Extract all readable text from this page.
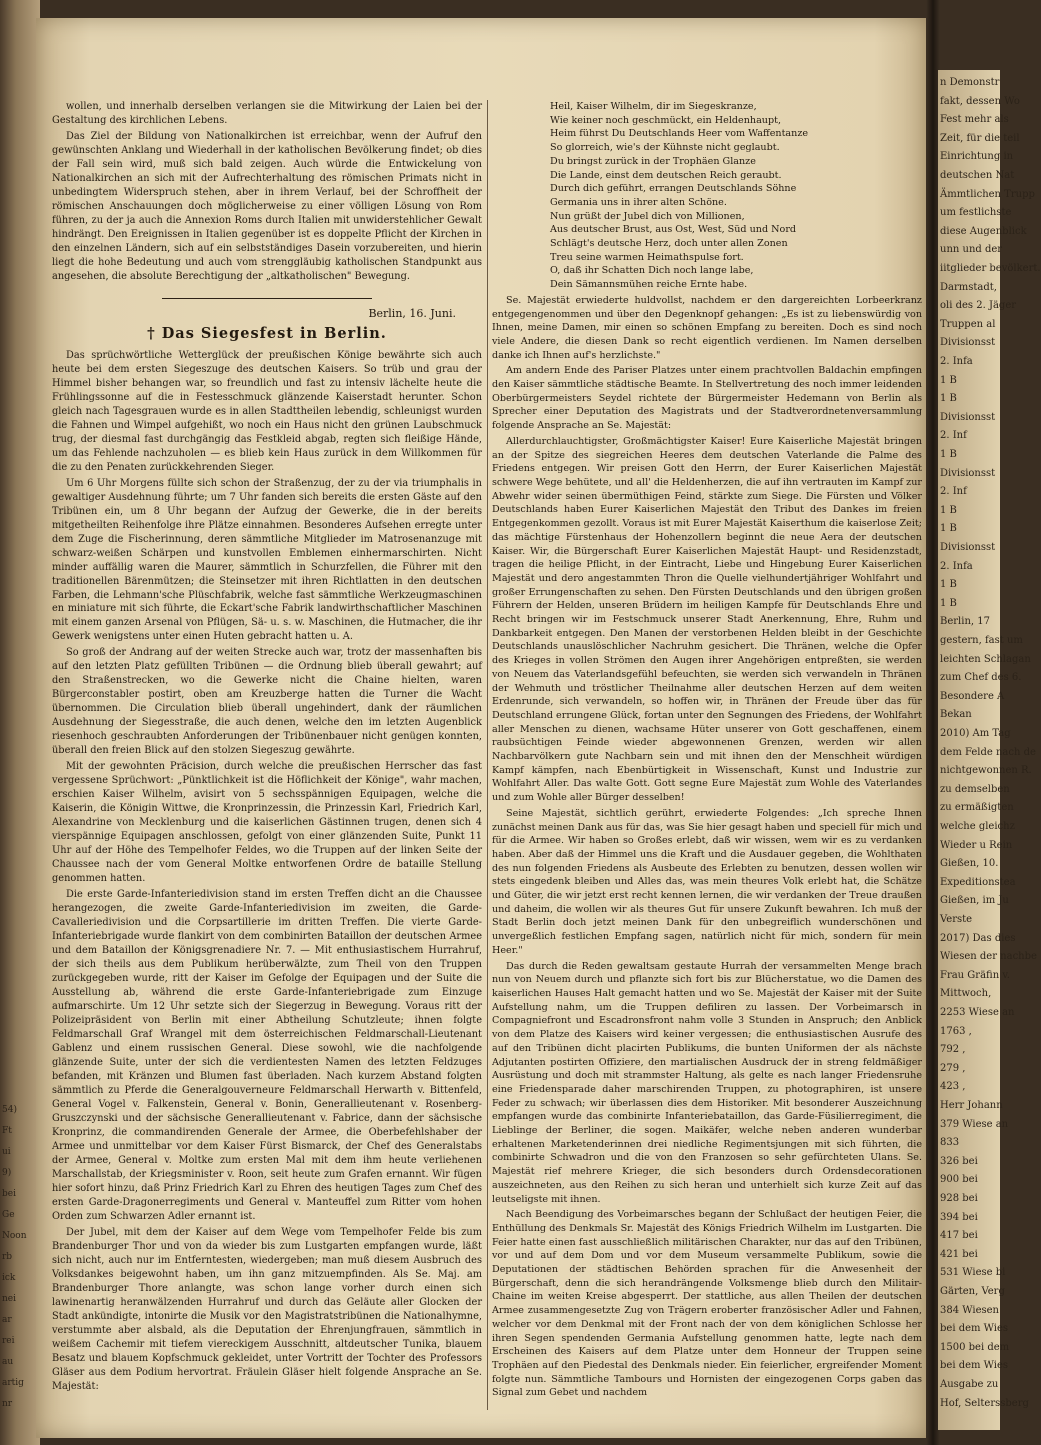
54)
Ft
ui
9)
bei
Ge
Noon
rb
ick
nei
ar
rei
au
artig
nr

wollen, und innerhalb derselben verlangen sie die Mitwirkung der Laien bei der Gestaltung des kirchlichen Lebens.

Das Ziel der Bildung von Nationalkirchen ist erreichbar, wenn der Aufruf den gewünschten Anklang und Wiederhall in der katholischen Bevölkerung findet; ob dies der Fall sein wird, muß sich bald zeigen. Auch würde die Entwickelung von Nationalkirchen an sich mit der Aufrechterhaltung des römischen Primats nicht in unbedingtem Widerspruch stehen, aber in ihrem Verlauf, bei der Schroffheit der römischen Anschauungen doch möglicherweise zu einer völligen Lösung von Rom führen, zu der ja auch die Annexion Roms durch Italien mit unwiderstehlicher Gewalt hindrängt. Den Ereignissen in Italien gegenüber ist es doppelte Pflicht der Kirchen in den einzelnen Ländern, sich auf ein selbstständiges Dasein vorzubereiten, und hierin liegt die hohe Bedeutung und auch vom strenggläubig katholischen Standpunkt aus angesehen, die absolute Berechtigung der „altkatholischen" Bewegung.

Berlin, 16. Juni.
† Das Siegesfest in Berlin.

Das sprüchwörtliche Wetterglück der preußischen Könige bewährte sich auch heute bei dem ersten Siegeszuge des deutschen Kaisers. So trüb und grau der Himmel bisher behangen war, so freundlich und fast zu intensiv lächelte heute die Frühlingssonne auf die in Festesschmuck glänzende Kaiserstadt herunter. Schon gleich nach Tagesgrauen wurde es in allen Stadttheilen lebendig, schleunigst wurden die Fahnen und Wimpel aufgehißt, wo noch ein Haus nicht den grünen Laubschmuck trug, der diesmal fast durchgängig das Festkleid abgab, regten sich fleißige Hände, um das Fehlende nachzuholen — es blieb kein Haus zurück in dem Willkommen für die zu den Penaten zurückkehrenden Sieger.

Um 6 Uhr Morgens füllte sich schon der Straßenzug, der zu der via triumphalis in gewaltiger Ausdehnung führte; um 7 Uhr fanden sich bereits die ersten Gäste auf den Tribünen ein, um 8 Uhr begann der Aufzug der Gewerke, die in der bereits mitgetheilten Reihenfolge ihre Plätze einnahmen. Besonderes Aufsehen erregte unter dem Zuge die Fischerinnung, deren sämmtliche Mitglieder im Matrosenanzuge mit schwarz-weißen Schärpen und kunstvollen Emblemen einhermarschirten. Nicht minder auffällig waren die Maurer, sämmtlich in Schurzfellen, die Führer mit den traditionellen Bärenmützen; die Steinsetzer mit ihren Richtlatten in den deutschen Farben, die Lehmann'sche Plüschfabrik, welche fast sämmtliche Werkzeugmaschinen en miniature mit sich führte, die Eckart'sche Fabrik landwirthschaftlicher Maschinen mit einem ganzen Arsenal von Pflügen, Sä- u. s. w. Maschinen, die Hutmacher, die ihr Gewerk wenigstens unter einen Huten gebracht hatten u. A.

So groß der Andrang auf der weiten Strecke auch war, trotz der massenhaften bis auf den letzten Platz gefüllten Tribünen — die Ordnung blieb überall gewahrt; auf den Straßenstrecken, wo die Gewerke nicht die Chaine hielten, waren Bürgerconstabler postirt, oben am Kreuzberge hatten die Turner die Wacht übernommen. Die Circulation blieb überall ungehindert, dank der räumlichen Ausdehnung der Siegesstraße, die auch denen, welche den im letzten Augenblick riesenhoch geschraubten Anforderungen der Tribünenbauer nicht genügen konnten, überall den freien Blick auf den stolzen Siegeszug gewährte.

Mit der gewohnten Präcision, durch welche die preußischen Herrscher das fast vergessene Sprüchwort: „Pünktlichkeit ist die Höflichkeit der Könige", wahr machen, erschien Kaiser Wilhelm, avisirt von 5 sechsspännigen Equipagen, welche die Kaiserin, die Königin Wittwe, die Kronprinzessin, die Prinzessin Karl, Friedrich Karl, Alexandrine von Mecklenburg und die kaiserlichen Gästinnen trugen, denen sich 4 vierspännige Equipagen anschlossen, gefolgt von einer glänzenden Suite, Punkt 11 Uhr auf der Höhe des Tempelhofer Feldes, wo die Truppen auf der linken Seite der Chaussee nach der vom General Moltke entworfenen Ordre de bataille Stellung genommen hatten.

Die erste Garde-Infanteriedivision stand im ersten Treffen dicht an die Chaussee herangezogen, die zweite Garde-Infanteriedivision im zweiten, die Garde-Cavalleriedivision und die Corpsartillerie im dritten Treffen. Die vierte Garde-Infanteriebrigade wurde flankirt von dem combinirten Bataillon der deutschen Armee und dem Bataillon der Königsgrenadiere Nr. 7. — Mit enthusiastischem Hurrahruf, der sich theils aus dem Publikum herüberwälzte, zum Theil von den Truppen zurückgegeben wurde, ritt der Kaiser im Gefolge der Equipagen und der Suite die Ausstellung ab, während die erste Garde-Infanteriebrigade zum Einzuge aufmarschirte. Um 12 Uhr setzte sich der Siegerzug in Bewegung. Voraus ritt der Polizeipräsident von Berlin mit einer Abtheilung Schutzleute; ihnen folgte Feldmarschall Graf Wrangel mit dem österreichischen Feldmarschall-Lieutenant Gablenz und einem russischen General. Diese sowohl, wie die nachfolgende glänzende Suite, unter der sich die verdientesten Namen des letzten Feldzuges befanden, mit Kränzen und Blumen fast überladen. Nach kurzem Abstand folgten sämmtlich zu Pferde die Generalgouverneure Feldmarschall Herwarth v. Bittenfeld, General Vogel v. Falkenstein, General v. Bonin, Generallieutenant v. Rosenberg-Gruszczynski und der sächsische Generallieutenant v. Fabrice, dann der sächsische Kronprinz, die commandirenden Generale der Armee, die Oberbefehlshaber der Armee und unmittelbar vor dem Kaiser Fürst Bismarck, der Chef des Generalstabs der Armee, General v. Moltke zum ersten Mal mit dem ihm heute verliehenen Marschallstab, der Kriegsminister v. Roon, seit heute zum Grafen ernannt. Wir fügen hier sofort hinzu, daß Prinz Friedrich Karl zu Ehren des heutigen Tages zum Chef des ersten Garde-Dragonerregiments und General v. Manteuffel zum Ritter vom hohen Orden zum Schwarzen Adler ernannt ist.

Der Jubel, mit dem der Kaiser auf dem Wege vom Tempelhofer Felde bis zum Brandenburger Thor und von da wieder bis zum Lustgarten empfangen wurde, läßt sich nicht, auch nur im Entferntesten, wiedergeben; man muß diesem Ausbruch des Volksdankes beigewohnt haben, um ihn ganz mitzuempfinden. Als Se. Maj. am Brandenburger Thore anlangte, was schon lange vorher durch einen sich lawinenartig heranwälzenden Hurrahruf und durch das Geläute aller Glocken der Stadt ankündigte, intonirte die Musik vor den Magistratstribünen die Nationalhymne, verstummte aber alsbald, als die Deputation der Ehrenjungfrauen, sämmtlich in weißem Cachemir mit tiefem viereckigem Ausschnitt, altdeutscher Tunika, blauem Besatz und blauem Kopfschmuck gekleidet, unter Vortritt der Tochter des Professors Gläser aus dem Podium hervortrat. Fräulein Gläser hielt folgende Ansprache an Se. Majestät:

Heil, Kaiser Wilhelm, dir im Siegeskranze,
Wie keiner noch geschmückt, ein Heldenhaupt,
Heim führst Du Deutschlands Heer vom Waffentanze
So glorreich, wie's der Kühnste nicht geglaubt.
Du bringst zurück in der Trophäen Glanze
Die Lande, einst dem deutschen Reich geraubt.
Durch dich geführt, errangen Deutschlands Söhne
Germania uns in ihrer alten Schöne.
Nun grüßt der Jubel dich von Millionen,
Aus deutscher Brust, aus Ost, West, Süd und Nord
Schlägt's deutsche Herz, doch unter allen Zonen
Treu seine warmen Heimathspulse fort.
O, daß ihr Schatten Dich noch lange labe,
Dein Sämannsmühen reiche Ernte habe.

Se. Majestät erwiederte huldvollst, nachdem er den dargereichten Lorbeerkranz entgegengenommen und über den Degenknopf gehangen: „Es ist zu liebenswürdig von Ihnen, meine Damen, mir einen so schönen Empfang zu bereiten. Doch es sind noch viele Andere, die diesen Dank so recht eigentlich verdienen. Im Namen derselben danke ich Ihnen auf's herzlichste."

Am andern Ende des Pariser Platzes unter einem prachtvollen Baldachin empfingen den Kaiser sämmtliche städtische Beamte. In Stellvertretung des noch immer leidenden Oberbürgermeisters Seydel richtete der Bürgermeister Hedemann von Berlin als Sprecher einer Deputation des Magistrats und der Stadtverordnetenversammlung folgende Ansprache an Se. Majestät:

Allerdurchlauchtigster, Großmächtigster Kaiser! Eure Kaiserliche Majestät bringen an der Spitze des siegreichen Heeres dem deutschen Vaterlande die Palme des Friedens entgegen. Wir preisen Gott den Herrn, der Eurer Kaiserlichen Majestät schwere Wege behütete, und all' die Heldenherzen, die auf ihn vertrauten im Kampf zur Abwehr wider seinen übermüthigen Feind, stärkte zum Siege. Die Fürsten und Völker Deutschlands haben Eurer Kaiserlichen Majestät den Tribut des Dankes im freien Entgegenkommen gezollt. Voraus ist mit Eurer Majestät Kaiserthum die kaiserlose Zeit; das mächtige Fürstenhaus der Hohenzollern beginnt die neue Aera der deutschen Kaiser. Wir, die Bürgerschaft Eurer Kaiserlichen Majestät Haupt- und Residenzstadt, tragen die heilige Pflicht, in der Eintracht, Liebe und Hingebung Eurer Kaiserlichen Majestät und dero angestammten Thron die Quelle vielhundertjähriger Wohlfahrt und großer Errungenschaften zu sehen. Den Fürsten Deutschlands und den übrigen großen Führern der Helden, unseren Brüdern im heiligen Kampfe für Deutschlands Ehre und Recht bringen wir im Festschmuck unserer Stadt Anerkennung, Ehre, Ruhm und Dankbarkeit entgegen. Den Manen der verstorbenen Helden bleibt in der Geschichte Deutschlands unauslöschlicher Nachruhm gesichert. Die Thränen, welche die Opfer des Krieges in vollen Strömen den Augen ihrer Angehörigen entpreßten, sie werden von Neuem das Vaterlandsgefühl befeuchten, sie werden sich verwandeln in Thränen der Wehmuth und tröstlicher Theilnahme aller deutschen Herzen auf dem weiten Erdenrunde, sich verwandeln, so hoffen wir, in Thränen der Freude über das für Deutschland errungene Glück, fortan unter den Segnungen des Friedens, der Wohlfahrt aller Menschen zu dienen, wachsame Hüter unserer von Gott geschaffenen, einem raubsüchtigen Feinde wieder abgewonnenen Grenzen, werden wir allen Nachbarvölkern gute Nachbarn sein und mit ihnen den der Menschheit würdigen Kampf kämpfen, nach Ebenbürtigkeit in Wissenschaft, Kunst und Industrie zur Wohlfahrt Aller. Das walte Gott. Gott segne Eure Majestät zum Wohle des Vaterlandes und zum Wohle aller Bürger desselben!

Seine Majestät, sichtlich gerührt, erwiederte Folgendes: „Ich spreche Ihnen zunächst meinen Dank aus für das, was Sie hier gesagt haben und speciell für mich und für die Armee. Wir haben so Großes erlebt, daß wir wissen, wem wir es zu verdanken haben. Aber daß der Himmel uns die Kraft und die Ausdauer gegeben, die Wohlthaten des nun folgenden Friedens als Ausbeute des Erlebten zu benutzen, dessen wollen wir stets eingedenk bleiben und Alles das, was mein theures Volk erlebt hat, die Schätze und Güter, die wir jetzt erst recht kennen lernen, die wir verdanken der Treue draußen und daheim, die wollen wir als theures Gut für unsere Zukunft bewahren. Ich muß der Stadt Berlin doch jetzt meinen Dank für den unbegreiflich wunderschönen und unvergeßlich festlichen Empfang sagen, natürlich nicht für mich, sondern für mein Heer."

Das durch die Reden gewaltsam gestaute Hurrah der versammelten Menge brach nun von Neuem durch und pflanzte sich fort bis zur Blücherstatue, wo die Damen des kaiserlichen Hauses Halt gemacht hatten und wo Se. Majestät der Kaiser mit der Suite Aufstellung nahm, um die Truppen defiliren zu lassen. Der Vorbeimarsch in Compagniefront und Escadronsfront nahm volle 3 Stunden in Anspruch; den Anblick von dem Platze des Kaisers wird keiner vergessen; die enthusiastischen Ausrufe des auf den Tribünen dicht placirten Publikums, die bunten Uniformen der als nächste Adjutanten postirten Offiziere, den martialischen Ausdruck der in streng feldmäßiger Ausrüstung und doch mit strammster Haltung, als gelte es nach langer Friedensruhe eine Friedensparade daher marschirenden Truppen, zu photographiren, ist unsere Feder zu schwach; wir überlassen dies dem Historiker. Mit besonderer Auszeichnung empfangen wurde das combinirte Infanteriebataillon, das Garde-Füsilierregiment, die Lieblinge der Berliner, die sogen. Maikäfer, welche neben anderen wunderbar erhaltenen Marketenderinnen drei niedliche Regimentsjungen mit sich führten, die combinirte Schwadron und die von den Franzosen so sehr gefürchteten Ulans. Se. Majestät rief mehrere Krieger, die sich besonders durch Ordensdecorationen auszeichneten, aus den Reihen zu sich heran und unterhielt sich kurze Zeit auf das leutseligste mit ihnen.

Nach Beendigung des Vorbeimarsches begann der Schlußact der heutigen Feier, die Enthüllung des Denkmals Sr. Majestät des Königs Friedrich Wilhelm im Lustgarten. Die Feier hatte einen fast ausschließlich militärischen Charakter, nur das auf den Tribünen, vor und auf dem Dom und vor dem Museum versammelte Publikum, sowie die Deputationen der städtischen Behörden sprachen für die Anwesenheit der Bürgerschaft, denn die sich herandrängende Volksmenge blieb durch den Militair-Chaine im weiten Kreise abgesperrt. Der stattliche, aus allen Theilen der deutschen Armee zusammengesetzte Zug von Trägern eroberter französischer Adler und Fahnen, welcher vor dem Denkmal mit der Front nach der von dem königlichen Schlosse her ihren Segen spendenden Germania Aufstellung genommen hatte, legte nach dem Erscheinen des Kaisers auf dem Platze unter dem Honneur der Truppen seine Trophäen auf den Piedestal des Denkmals nieder. Ein feierlicher, ergreifender Moment folgte nun. Sämmtliche Tambours und Hornisten der eingezogenen Corps gaben das Signal zum Gebet und nachdem

n Demonstr
fakt, dessen Wo
Fest mehr als
Zeit, für die teil
Einrichtung in
deutschen Nat
Ämmtlichen Trupp
um festlichste
diese Augenblick
unn und der
iitglieder bevölkert.
Darmstadt,
oli des 2. Jäger
Truppen al
Divisionsst
2. Infa
1 B
1 B
Divisionsst
2. Inf
1 B
Divisionsst
2. Inf
1 B
1 B
Divisionsst
2. Infa
1 B
1 B
Berlin, 17
gestern, fast um
leichten Schlagan
zum Chef des 6.
Besondere A
Bekan
2010) Am Tag
dem Felde nach de
nichtgewonnen R.
zu demselben
zu ermäßigten
welche gleichz
Wieder u Rein
Gießen, 10.
Expeditionstea
Gießen, im Ju
Verste
2017) Das dies
Wiesen der nachbe
Frau Gräfin v.
Mittwoch,
2253 Wiese an
1763 ,
792 ,
279 ,
423 ,
Herr Johann
379 Wiese an
833
326 bei
900 bei
928 bei
394 bei
417 bei
421 bei
531 Wiese bi
Gärten, Verg
384 Wiesen
bei dem Wies
1500 bei dem
bei dem Wies
Ausgabe zu
Hof, Selterssberg
